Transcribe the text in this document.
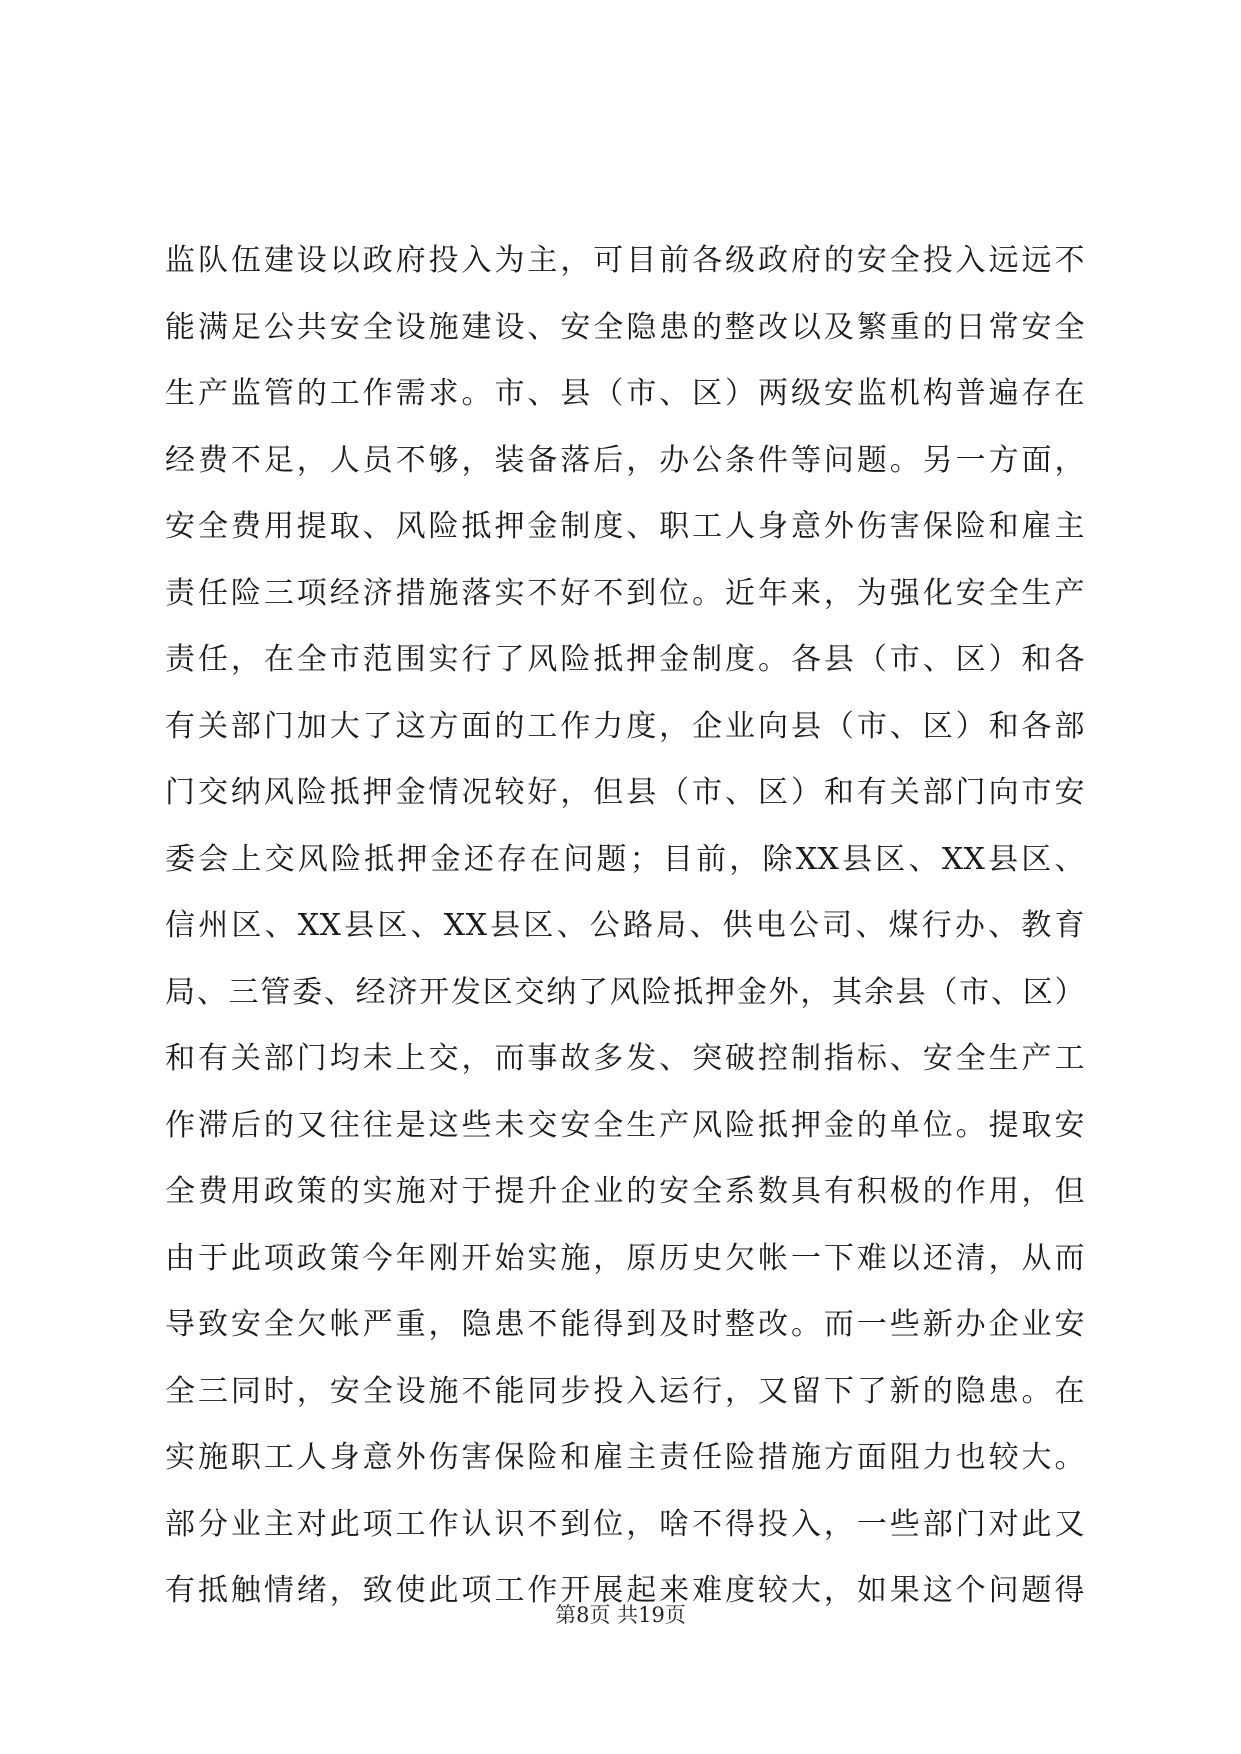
监队伍建设以政府投入为主，可目前各级政府的安全投入远远不
能满足公共安全设施建设、安全隐患的整改以及繁重的日常安全
生产监管的工作需求。市、县（市、区）两级安监机构普遍存在
经费不足，人员不够，装备落后，办公条件等问题。另一方面，
安全费用提取、风险抵押金制度、职工人身意外伤害保险和雇主
责任险三项经济措施落实不好不到位。近年来，为强化安全生产
责任，在全市范围实行了风险抵押金制度。各县（市、区）和各
有关部门加大了这方面的工作力度，企业向县（市、区）和各部
门交纳风险抵押金情况较好，但县（市、区）和有关部门向市安
委会上交风险抵押金还存在问题；目前，除XX县区、XX县区、
信州区、XX县区、XX县区、公路局、供电公司、煤行办、教育
局、三管委、经济开发区交纳了风险抵押金外，其余县（市、区）
和有关部门均未上交，而事故多发、突破控制指标、安全生产工
作滞后的又往往是这些未交安全生产风险抵押金的单位。提取安
全费用政策的实施对于提升企业的安全系数具有积极的作用，但
由于此项政策今年刚开始实施，原历史欠帐一下难以还清，从而
导致安全欠帐严重，隐患不能得到及时整改。而一些新办企业安
全三同时，安全设施不能同步投入运行，又留下了新的隐患。在
实施职工人身意外伤害保险和雇主责任险措施方面阻力也较大。
部分业主对此项工作认识不到位，啥不得投入，一些部门对此又
有抵触情绪，致使此项工作开展起来难度较大，如果这个问题得
第8页 共19页
